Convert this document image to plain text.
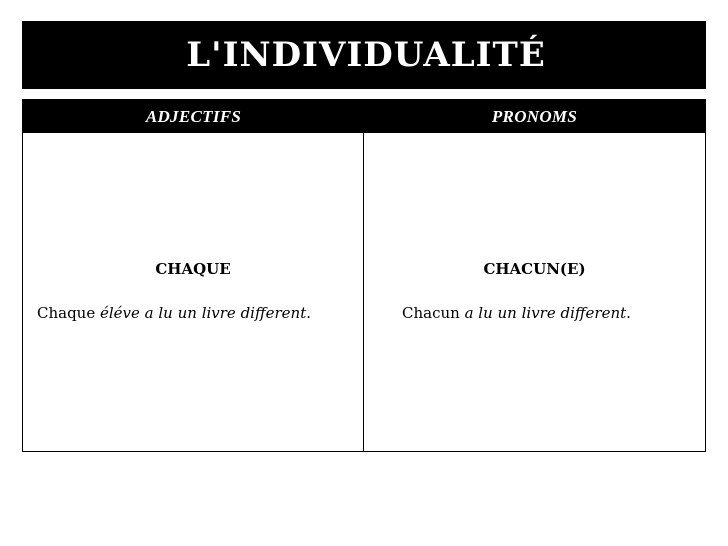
L'INDIVIDUALITÉ
ADJECTIFS	PRONOMS
CHAQUE
Chaque éléve a lu un livre different.
CHACUN(E)
Chacun a lu un livre different.
